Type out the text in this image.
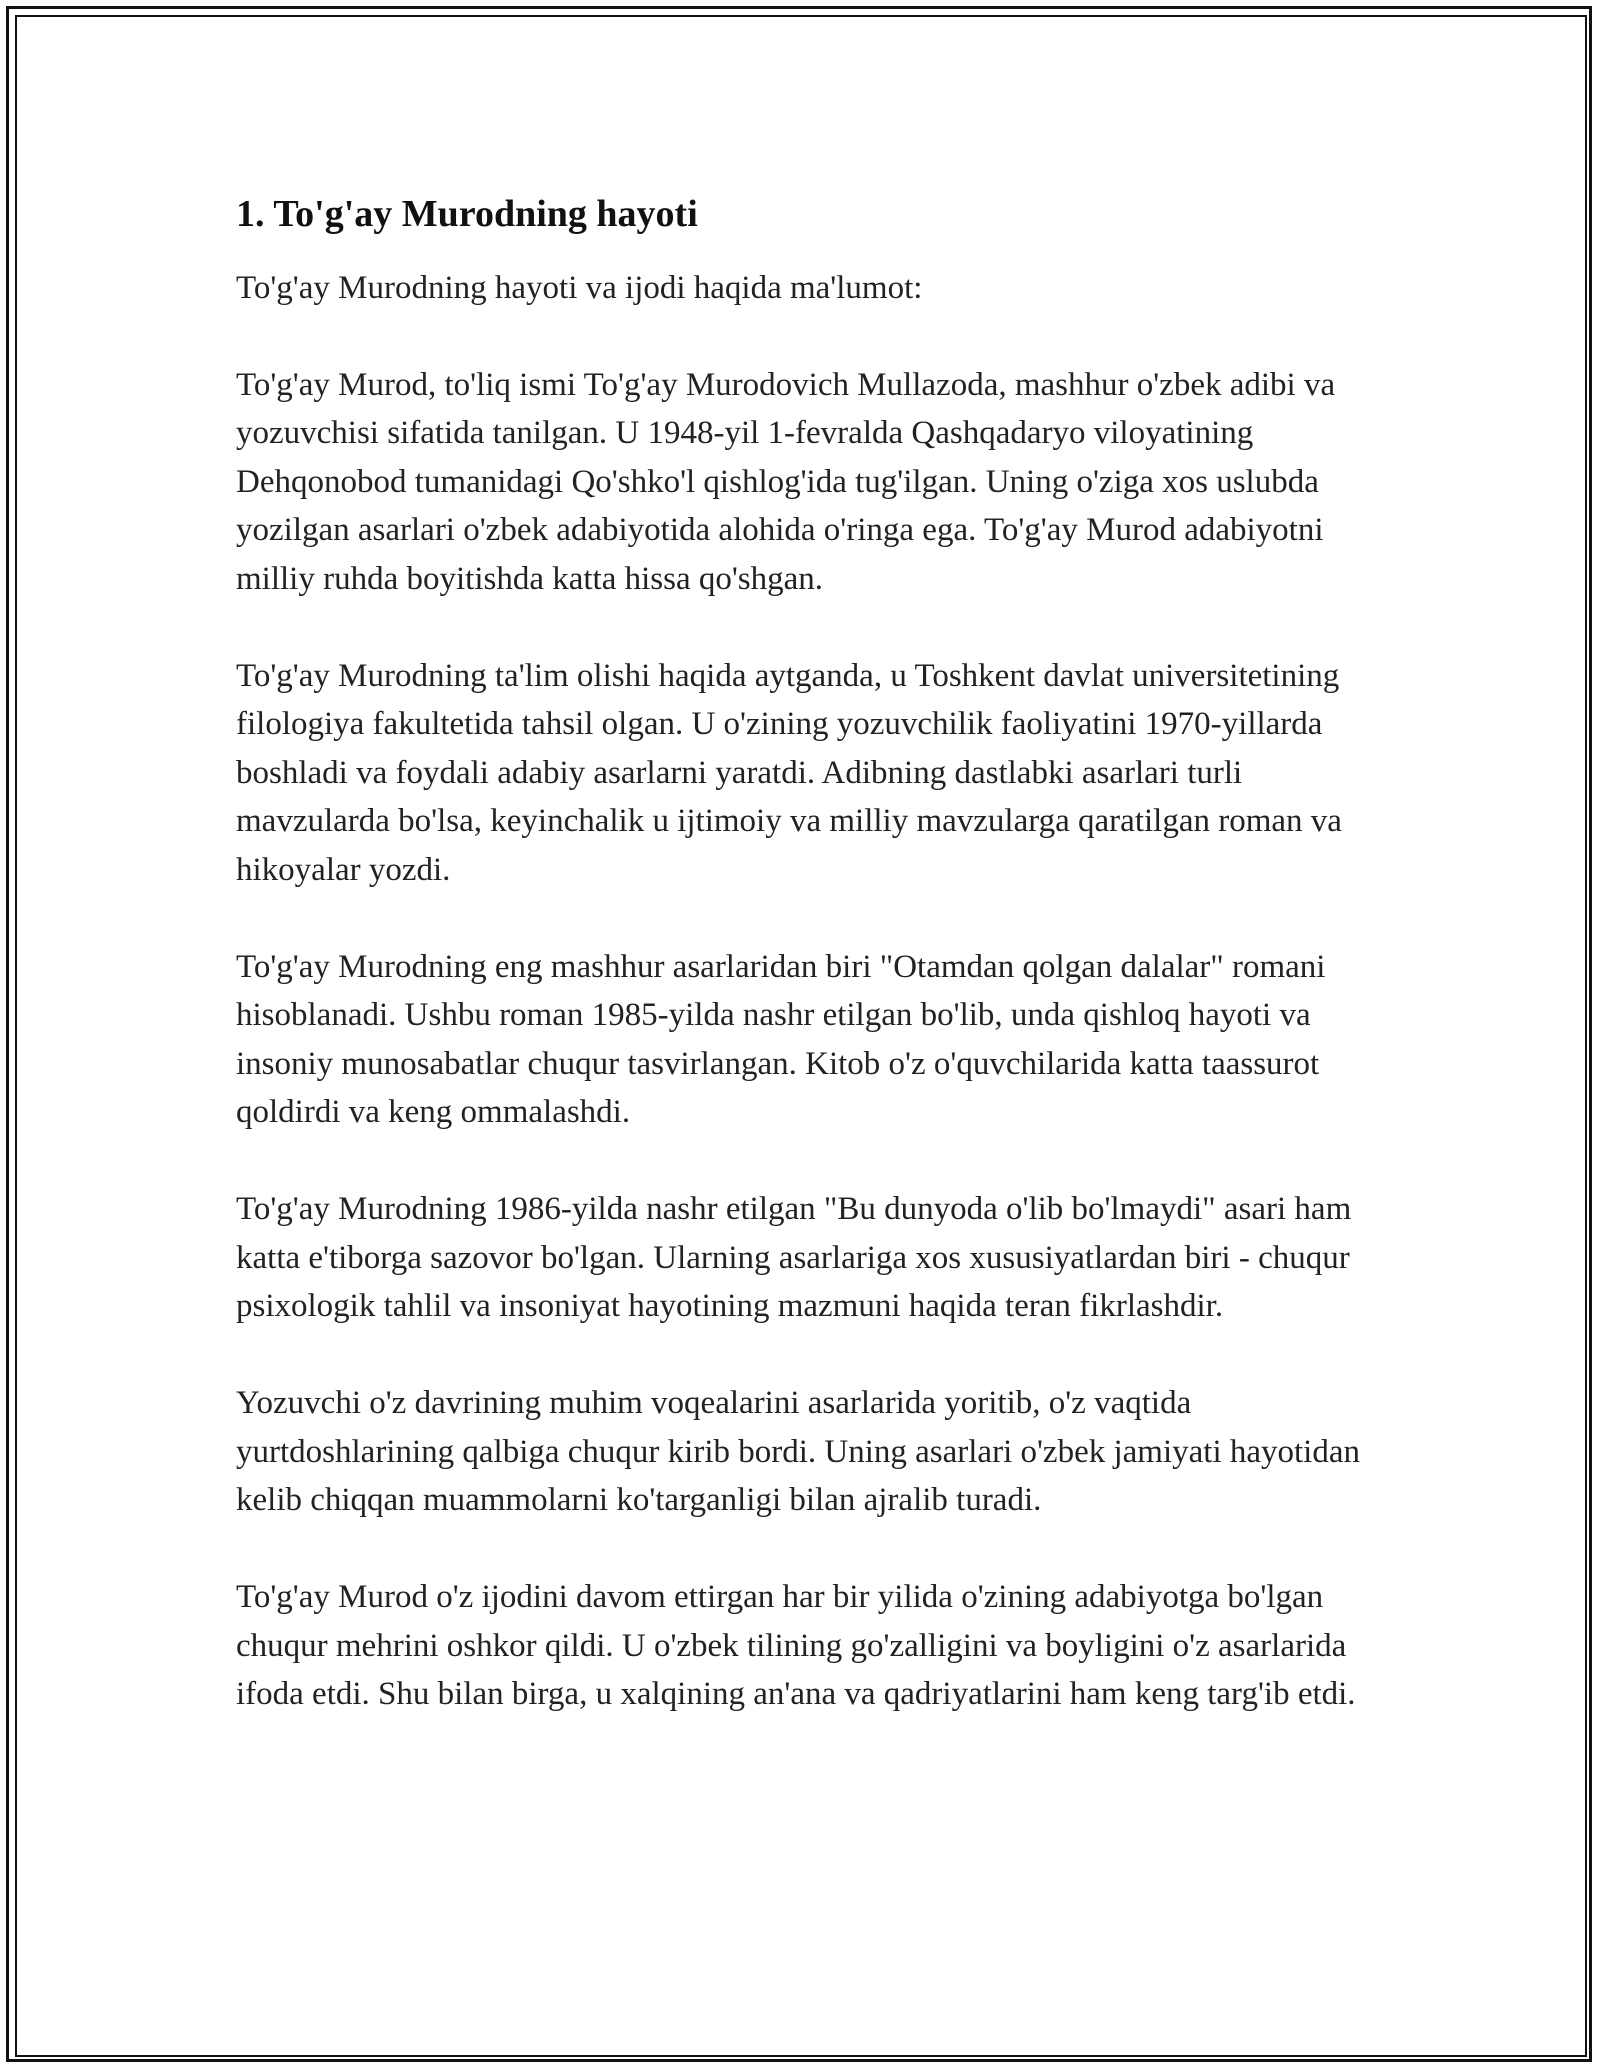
1. To'g'ay Murodning hayoti

To'g'ay Murodning hayoti va ijodi haqida ma'lumot:

To'g'ay Murod, to'liq ismi To'g'ay Murodovich Mullazoda, mashhur o'zbek adibi va yozuvchisi sifatida tanilgan. U 1948-yil 1-fevralda Qashqadaryo viloyatining Dehqonobod tumanidagi Qo'shko'l qishlog'ida tug'ilgan. Uning o'ziga xos uslubda yozilgan asarlari o'zbek adabiyotida alohida o'ringa ega. To'g'ay Murod adabiyotni milliy ruhda boyitishda katta hissa qo'shgan.

To'g'ay Murodning ta'lim olishi haqida aytganda, u Toshkent davlat universitetining filologiya fakultetida tahsil olgan. U o'zining yozuvchilik faoliyatini 1970-yillarda boshladi va foydali adabiy asarlarni yaratdi. Adibning dastlabki asarlari turli mavzularda bo'lsa, keyinchalik u ijtimoiy va milliy mavzularga qaratilgan roman va hikoyalar yozdi.

To'g'ay Murodning eng mashhur asarlaridan biri "Otamdan qolgan dalalar" romani hisoblanadi. Ushbu roman 1985-yilda nashr etilgan bo'lib, unda qishloq hayoti va insoniy munosabatlar chuqur tasvirlangan. Kitob o'z o'quvchilarida katta taassurot qoldirdi va keng ommalashdi.

To'g'ay Murodning 1986-yilda nashr etilgan "Bu dunyoda o'lib bo'lmaydi" asari ham katta e'tiborga sazovor bo'lgan. Ularning asarlariga xos xususiyatlardan biri - chuqur psixologik tahlil va insoniyat hayotining mazmuni haqida teran fikrlashdir.

Yozuvchi o'z davrining muhim voqealarini asarlarida yoritib, o'z vaqtida yurtdoshlarining qalbiga chuqur kirib bordi. Uning asarlari o'zbek jamiyati hayotidan kelib chiqqan muammolarni ko'targanligi bilan ajralib turadi.

To'g'ay Murod o'z ijodini davom ettirgan har bir yilida o'zining adabiyotga bo'lgan chuqur mehrini oshkor qildi. U o'zbek tilining go'zalligini va boyligini o'z asarlarida ifoda etdi. Shu bilan birga, u xalqining an'ana va qadriyatlarini ham keng targ'ib etdi.
